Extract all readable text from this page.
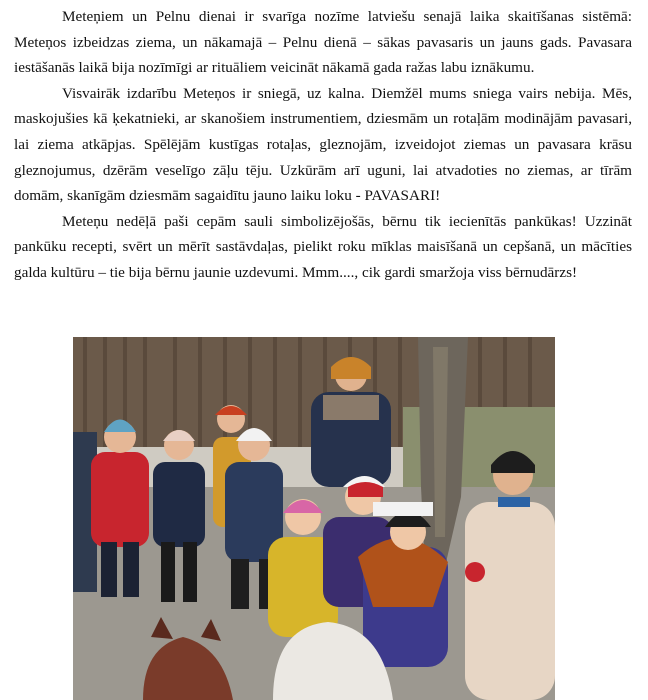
Meteņiem un Pelnu dienai ir svarīga nozīme latviešu senajā laika skaitīšanas sistēmā: Meteņos izbeidzas ziema, un nākamajā – Pelnu dienā – sākas pavasaris un jauns gads. Pavasara iestāšanās laikā bija nozīmīgi ar rituāliem veicināt nākamā gada ražas labu iznākumu.

Visvairāk izdarību Meteņos ir sniegā, uz kalna. Diemžēl mums sniega vairs nebija. Mēs, maskojušies kā ķekatnieki, ar skanošiem instrumentiem, dziesmām un rotaļām modinājām pavasari, lai ziema atkāpjas. Spēlējām kustīgas rotaļas, gleznojām, izveidojot ziemas un pavasara krāsu gleznojumus, dzērām veselīgo zāļu tēju. Uzkūrām arī uguni, lai atvadoties no ziemas, ar tīrām domām, skanīgām dziesmām sagaidītu jauno laiku loku - PAVASARI!

Meteņu nedēļā paši cepām sauli simbolizējošās, bērnu tik iecienītās pankūkas! Uzzināt pankūku recepti, svērt un mērīt sastāvdaļas, pielikt roku mīklas maisīšanā un cepšanā, un mācīties galda kultūru – tie bija bērnu jaunie uzdevumi. Mmm...., cik gardi smaržoja viss bērnudārzs!
